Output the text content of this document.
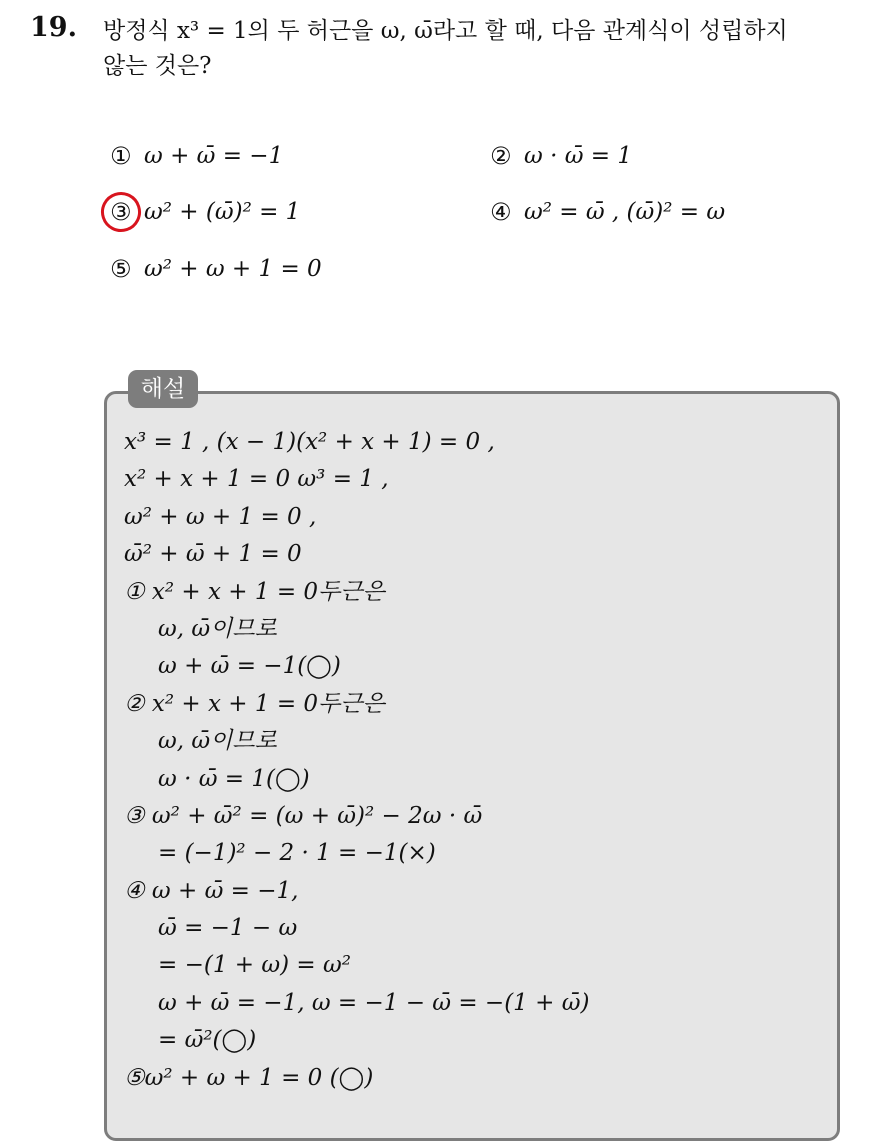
19. 방정식 x³ = 1의 두 허근을 ω, ω̄라고 할 때, 다음 관계식이 성립하지
않는 것은?
① ω + ω̄ = −1	② ω · ω̄ = 1
③ ω² + (ω̄)² = 1	④ ω² = ω̄ , (ω̄)² = ω
⑤ ω² + ω + 1 = 0
해설
x³ = 1 , (x − 1)(x² + x + 1) = 0 ,
x² + x + 1 = 0 ω³ = 1 ,
ω² + ω + 1 = 0 ,
ω̄² + ω̄ + 1 = 0
① x² + x + 1 = 0두근은
ω, ω̄이므로
ω + ω̄ = −1(◯)
② x² + x + 1 = 0두근은
ω, ω̄이므로
ω · ω̄ = 1(◯)
③ ω² + ω̄² = (ω + ω̄)² − 2ω · ω̄
= (−1)² − 2 · 1 = −1(×)
④ ω + ω̄ = −1,
ω̄ = −1 − ω
= −(1 + ω) = ω²
ω + ω̄ = −1, ω = −1 − ω̄ = −(1 + ω̄)
= ω̄²(◯)
⑤ω² + ω + 1 = 0 (◯)
